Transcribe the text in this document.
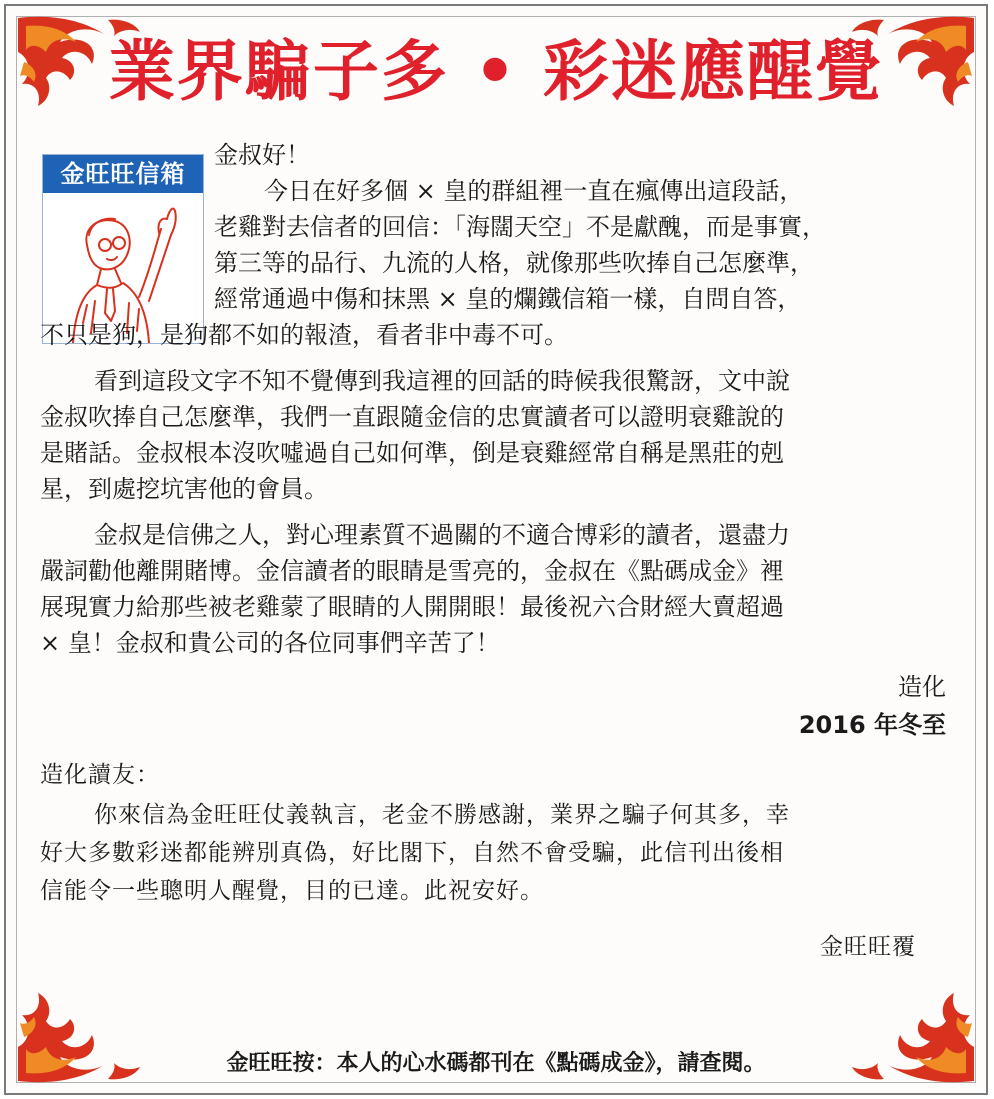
業界騙子多 • 彩迷應醒覺
金旺旺信箱
金叔好！
今日在好多個 × 皇的群組裡一直在瘋傳出這段話，
老雞對去信者的回信：「海闊天空」不是獻醜，而是事實，
第三等的品行、九流的人格，就像那些吹捧自己怎麼準，
經常通過中傷和抹黑 × 皇的爛鐵信箱一樣，自問自答，
不只是狗，是狗都不如的報渣，看者非中毒不可。
看到這段文字不知不覺傳到我這裡的回話的時候我很驚訝，文中說
金叔吹捧自己怎麼準，我們一直跟隨金信的忠實讀者可以證明衰雞說的
是賭話。金叔根本沒吹噓過自己如何準，倒是衰雞經常自稱是黑莊的剋
星，到處挖坑害他的會員。
金叔是信佛之人，對心理素質不過關的不適合博彩的讀者，還盡力
嚴詞勸他離開賭博。金信讀者的眼睛是雪亮的，金叔在《點碼成金》裡
展現實力給那些被老雞蒙了眼睛的人開開眼！最後祝六合財經大賣超過
× 皇！金叔和貴公司的各位同事們辛苦了！
造化
2016 年冬至
造化讀友：
你來信為金旺旺仗義執言，老金不勝感謝，業界之騙子何其多，幸
好大多數彩迷都能辨別真偽，好比閣下，自然不會受騙，此信刊出後相
信能令一些聰明人醒覺，目的已達。此祝安好。
金旺旺覆
金旺旺按：本人的心水碼都刊在《點碼成金》，請查閱。
